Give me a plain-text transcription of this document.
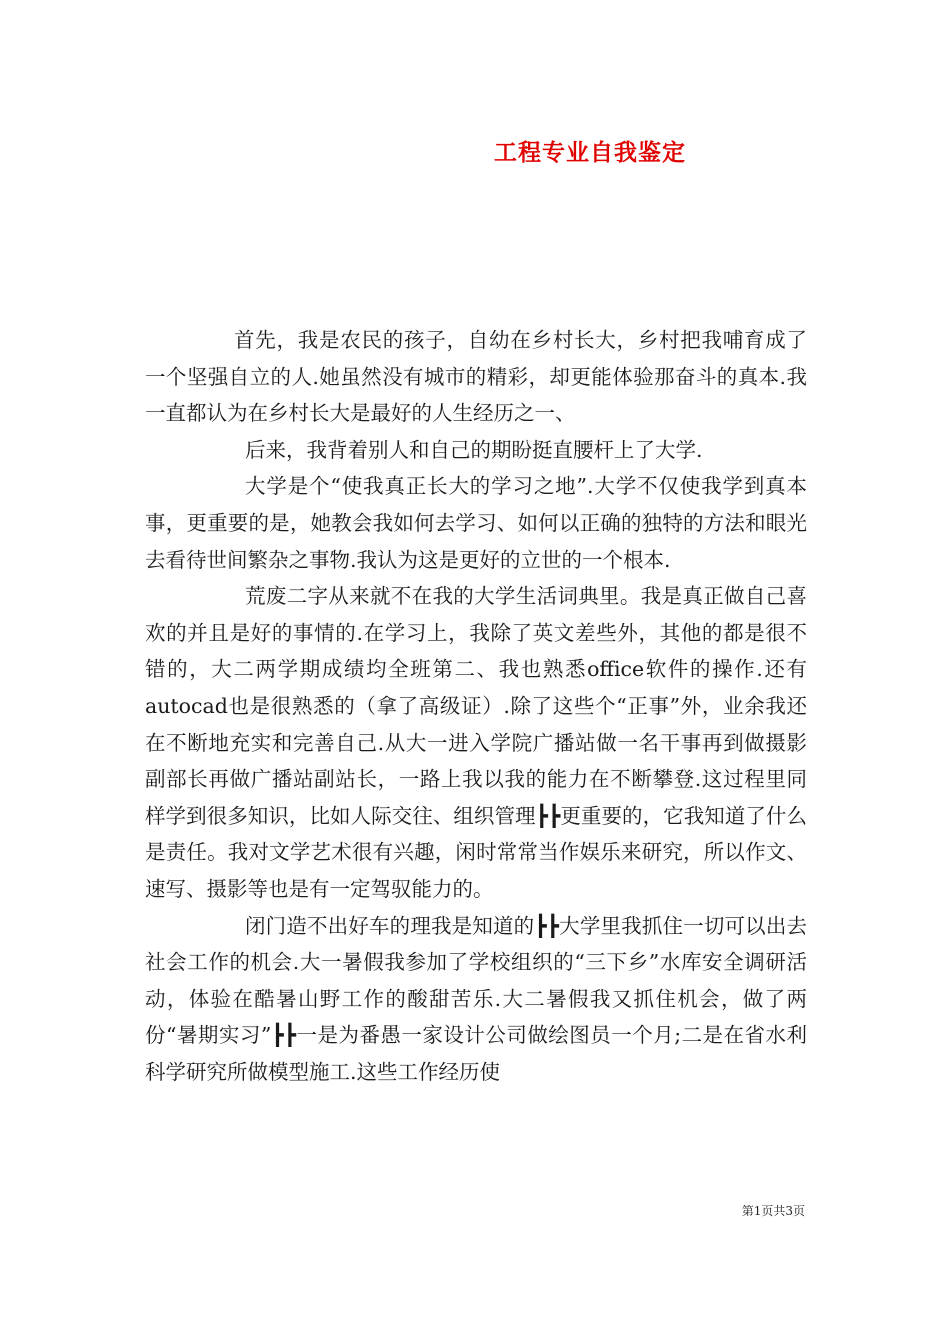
工程专业自我鉴定

首先，我是农民的孩子，自幼在乡村长大，乡村把我哺育成了一个坚强自立的人.她虽然没有城市的精彩，却更能体验那奋斗的真本.我一直都认为在乡村长大是最好的人生经历之一、

后来，我背着别人和自己的期盼挺直腰杆上了大学.

大学是个“使我真正长大的学习之地”.大学不仅使我学到真本事，更重要的是，她教会我如何去学习、如何以正确的独特的方法和眼光去看待世间繁杂之事物.我认为这是更好的立世的一个根本.

荒废二字从来就不在我的大学生活词典里。我是真正做自己喜欢的并且是好的事情的.在学习上，我除了英文差些外，其他的都是很不错的，大二两学期成绩均全班第二、我也熟悉office软件的操作.还有autocad也是很熟悉的（拿了高级证）.除了这些个“正事”外，业余我还在不断地充实和完善自己.从大一进入学院广播站做一名干事再到做摄影副部长再做广播站副站长，一路上我以我的能力在不断攀登.这过程里同样学到很多知识，比如人际交往、组织管理┣┣更重要的，它我知道了什么是责任。我对文学艺术很有兴趣，闲时常常当作娱乐来研究，所以作文、速写、摄影等也是有一定驾驭能力的。

闭门造不出好车的理我是知道的┣┣大学里我抓住一切可以出去社会工作的机会.大一暑假我参加了学校组织的“三下乡”水库安全调研活动，体验在酷暑山野工作的酸甜苦乐.大二暑假我又抓住机会，做了两份“暑期实习”┣┣一是为番愚一家设计公司做绘图员一个月;二是在省水利科学研究所做模型施工.这些工作经历使

第1页共3页
